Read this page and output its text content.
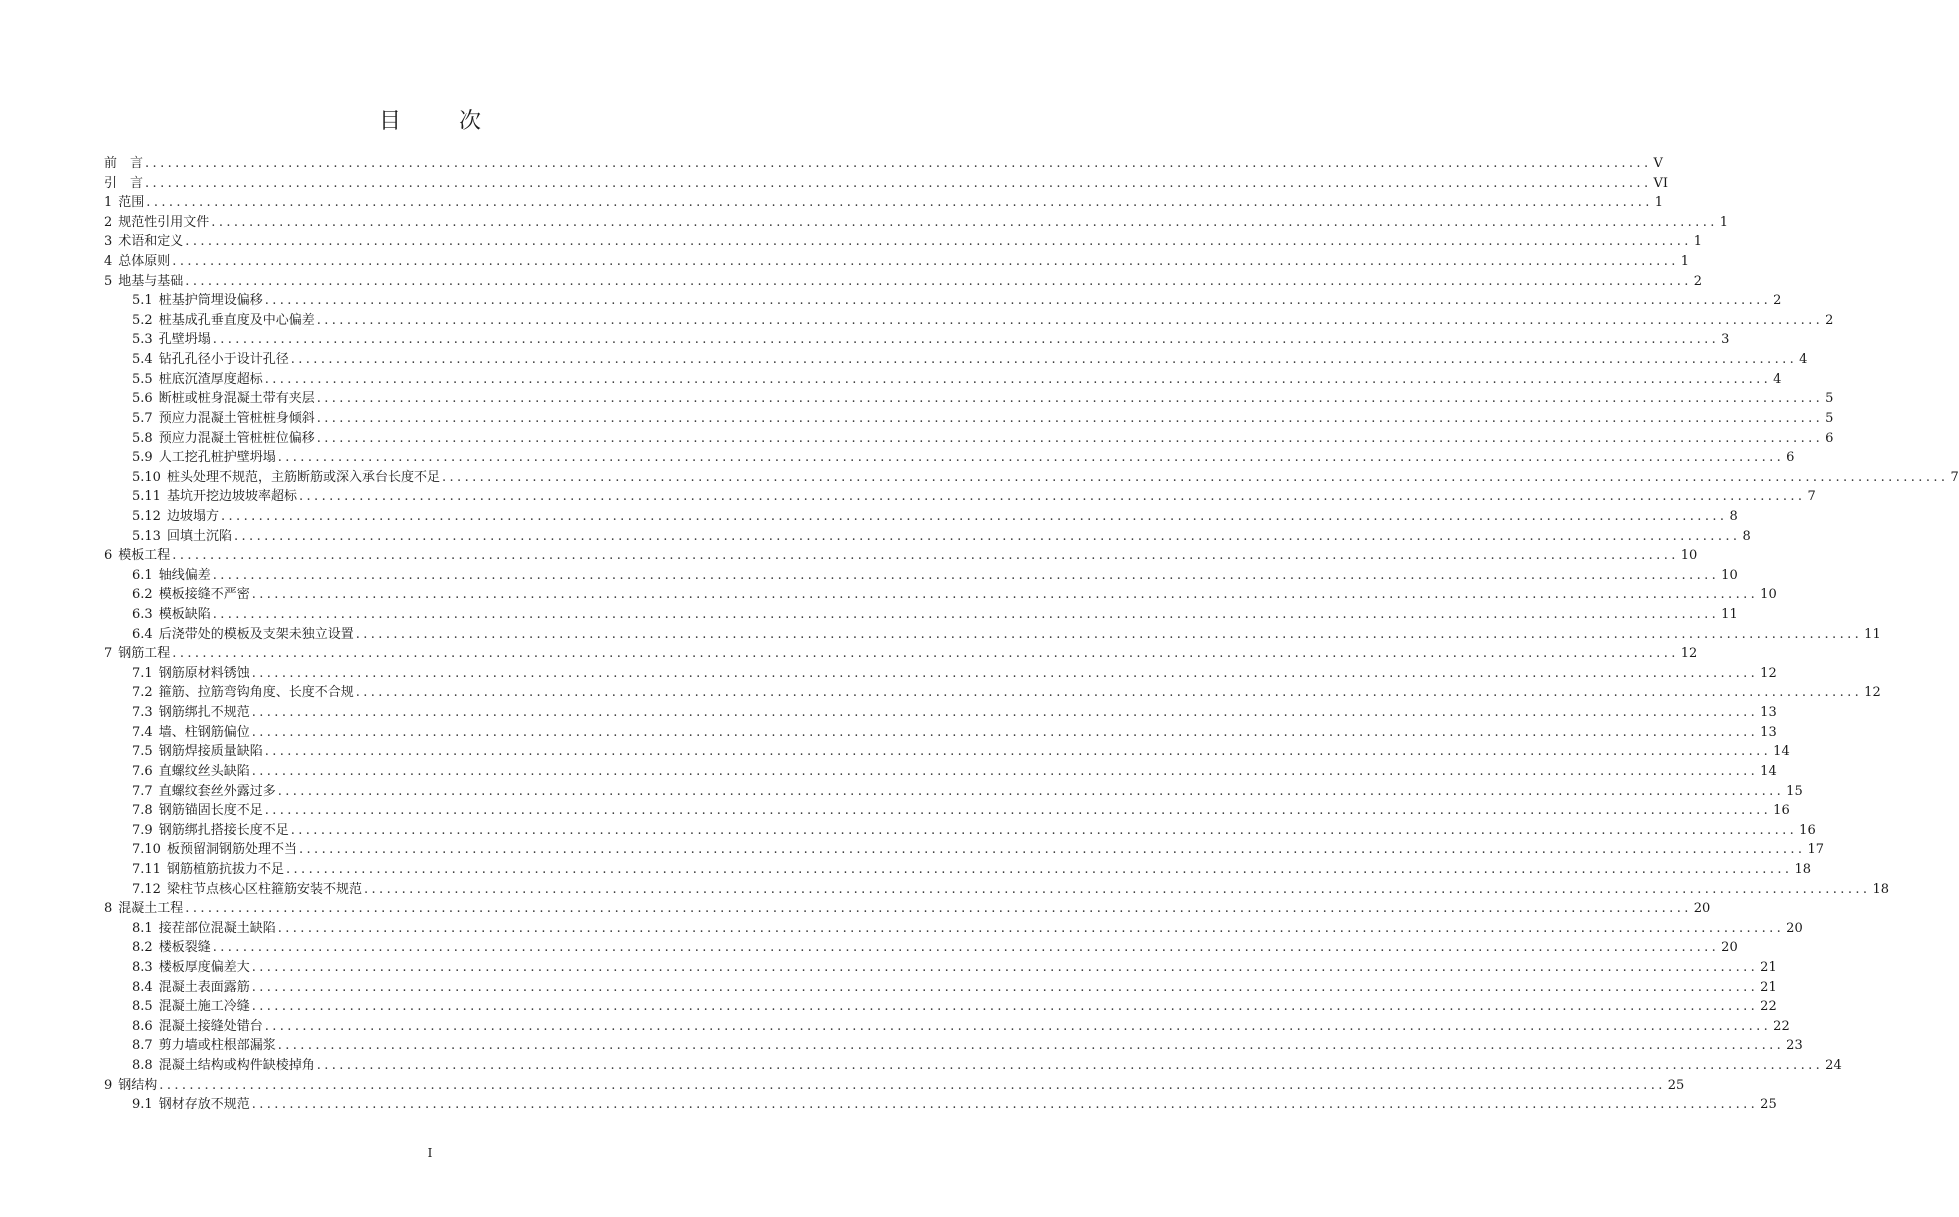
目　次
前　言 ........................................................................................................................................................................................................ V
引　言 ........................................................................................................................................................................................................ VI
1 范围 ........................................................................................................................................................................................................ 1
2 规范性引用文件 ........................................................................................................................................................................................................ 1
3 术语和定义 ........................................................................................................................................................................................................ 1
4 总体原则 ........................................................................................................................................................................................................ 1
5 地基与基础 ........................................................................................................................................................................................................ 2
5.1 桩基护筒埋设偏移 ........................................................................................................................................................................................................ 2
5.2 桩基成孔垂直度及中心偏差 ........................................................................................................................................................................................................ 2
5.3 孔壁坍塌 ........................................................................................................................................................................................................ 3
5.4 钻孔孔径小于设计孔径 ........................................................................................................................................................................................................ 4
5.5 桩底沉渣厚度超标 ........................................................................................................................................................................................................ 4
5.6 断桩或桩身混凝土带有夹层 ........................................................................................................................................................................................................ 5
5.7 预应力混凝土管桩桩身倾斜 ........................................................................................................................................................................................................ 5
5.8 预应力混凝土管桩桩位偏移 ........................................................................................................................................................................................................ 6
5.9 人工挖孔桩护壁坍塌 ........................................................................................................................................................................................................ 6
5.10 桩头处理不规范，主筋断筋或深入承台长度不足 ........................................................................................................................................................................................................ 7
5.11 基坑开挖边坡坡率超标 ........................................................................................................................................................................................................ 7
5.12 边坡塌方 ........................................................................................................................................................................................................ 8
5.13 回填土沉陷 ........................................................................................................................................................................................................ 8
6 模板工程 ........................................................................................................................................................................................................ 10
6.1 轴线偏差 ........................................................................................................................................................................................................ 10
6.2 模板接缝不严密 ........................................................................................................................................................................................................ 10
6.3 模板缺陷 ........................................................................................................................................................................................................ 11
6.4 后浇带处的模板及支架未独立设置 ........................................................................................................................................................................................................ 11
7 钢筋工程 ........................................................................................................................................................................................................ 12
7.1 钢筋原材料锈蚀 ........................................................................................................................................................................................................ 12
7.2 箍筋、拉筋弯钩角度、长度不合规 ........................................................................................................................................................................................................ 12
7.3 钢筋绑扎不规范 ........................................................................................................................................................................................................ 13
7.4 墙、柱钢筋偏位 ........................................................................................................................................................................................................ 13
7.5 钢筋焊接质量缺陷 ........................................................................................................................................................................................................ 14
7.6 直螺纹丝头缺陷 ........................................................................................................................................................................................................ 14
7.7 直螺纹套丝外露过多 ........................................................................................................................................................................................................ 15
7.8 钢筋锚固长度不足 ........................................................................................................................................................................................................ 16
7.9 钢筋绑扎搭接长度不足 ........................................................................................................................................................................................................ 16
7.10 板预留洞钢筋处理不当 ........................................................................................................................................................................................................ 17
7.11 钢筋植筋抗拔力不足 ........................................................................................................................................................................................................ 18
7.12 梁柱节点核心区柱箍筋安装不规范 ........................................................................................................................................................................................................ 18
8 混凝土工程 ........................................................................................................................................................................................................ 20
8.1 接茬部位混凝土缺陷 ........................................................................................................................................................................................................ 20
8.2 楼板裂缝 ........................................................................................................................................................................................................ 20
8.3 楼板厚度偏差大 ........................................................................................................................................................................................................ 21
8.4 混凝土表面露筋 ........................................................................................................................................................................................................ 21
8.5 混凝土施工冷缝 ........................................................................................................................................................................................................ 22
8.6 混凝土接缝处错台 ........................................................................................................................................................................................................ 22
8.7 剪力墙或柱根部漏浆 ........................................................................................................................................................................................................ 23
8.8 混凝土结构或构件缺棱掉角 ........................................................................................................................................................................................................ 24
9 钢结构 ........................................................................................................................................................................................................ 25
9.1 钢材存放不规范 ........................................................................................................................................................................................................ 25
I
